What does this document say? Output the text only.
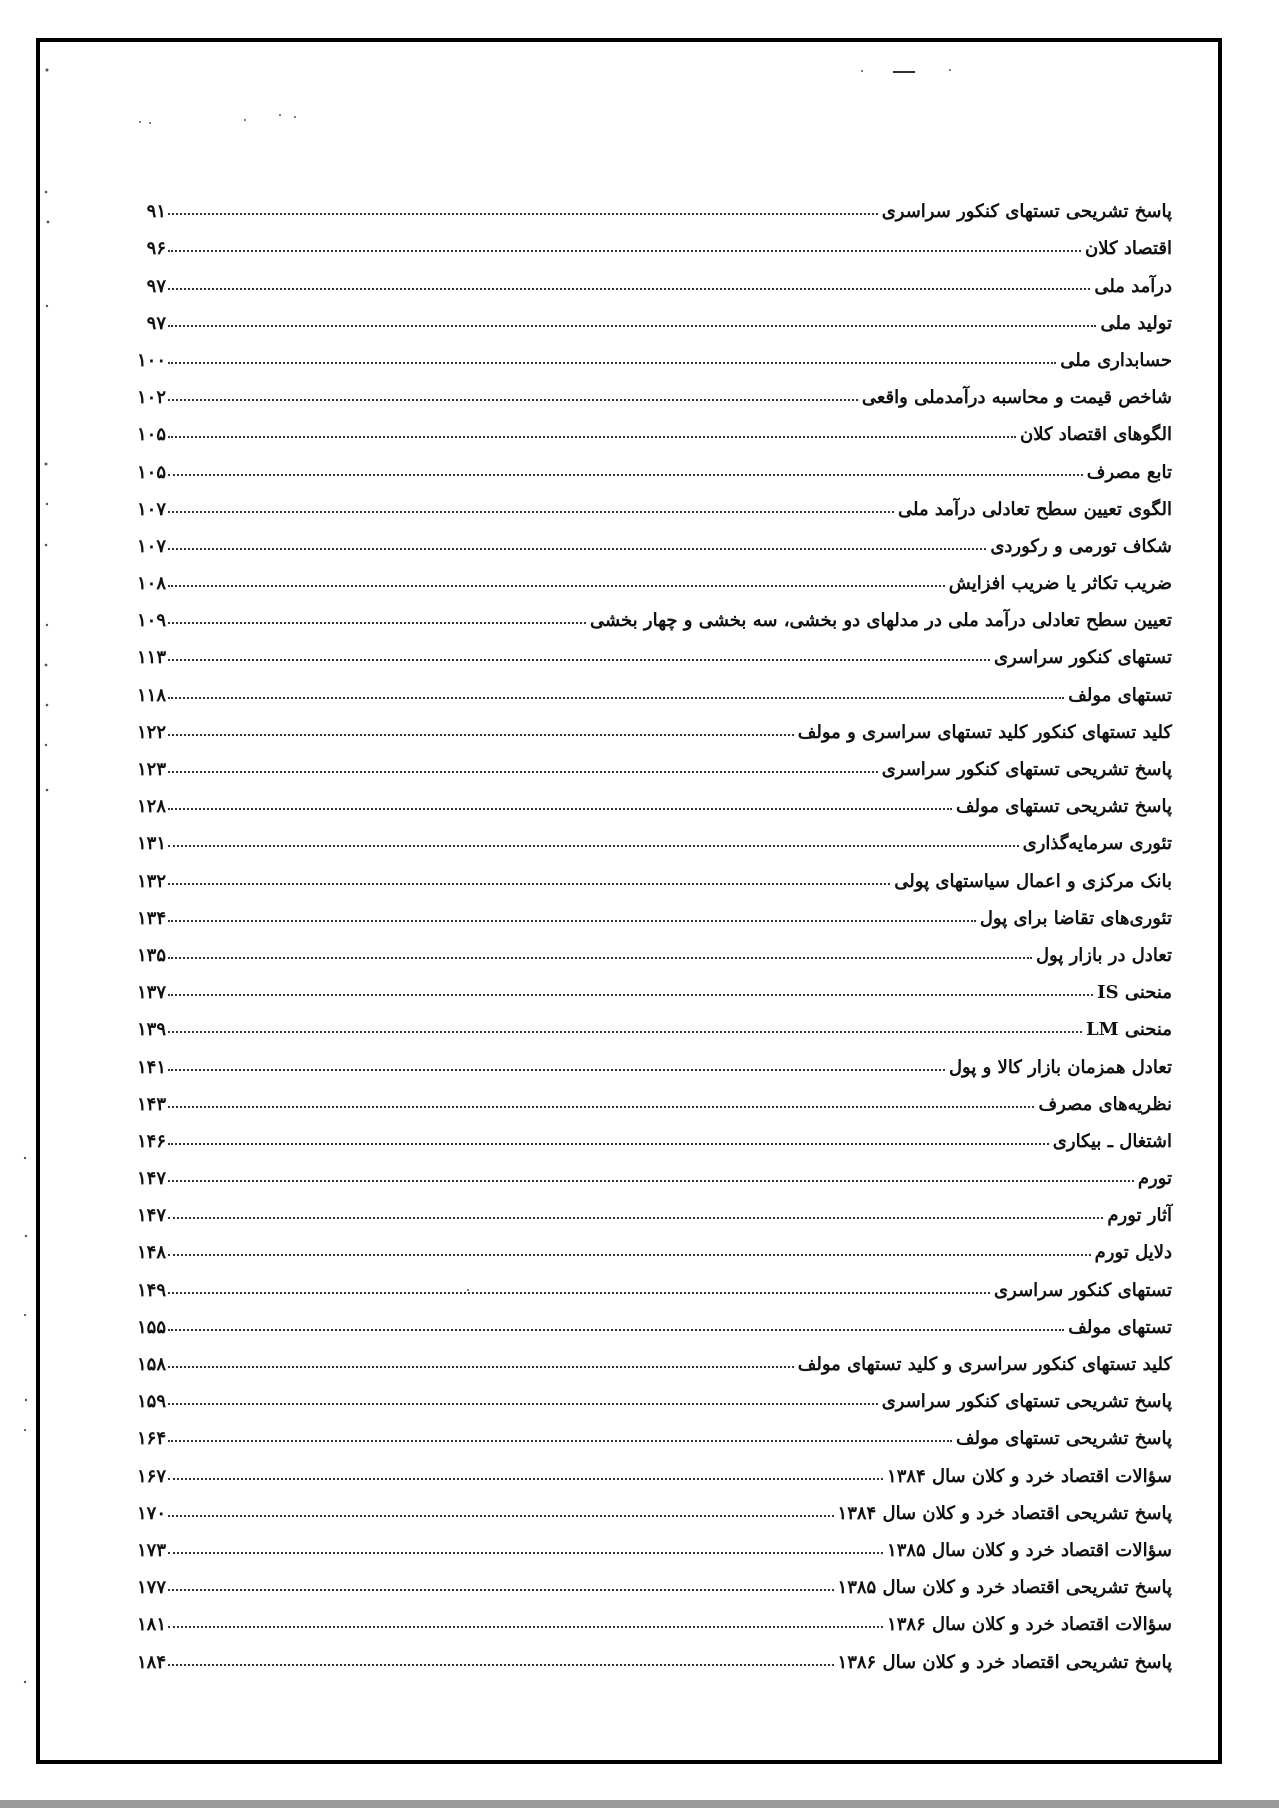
پاسخ تشریحی تستهای کنکور سراسری
۹۱
اقتصاد کلان
۹۶
درآمد ملی
۹۷
تولید ملی
۹۷
حسابداری ملی
۱۰۰
شاخص قیمت و محاسبه درآمدملی واقعی
۱۰۲
الگوهای اقتصاد کلان
۱۰۵
تابع مصرف
۱۰۵
الگوی تعیین سطح تعادلی درآمد ملی
۱۰۷
شکاف تورمی و رکوردی
۱۰۷
ضریب تکاثر یا ضریب افزایش
۱۰۸
تعیین سطح تعادلی درآمد ملی در مدلهای دو بخشی، سه بخشی و چهار بخشی
۱۰۹
تستهای کنکور سراسری
۱۱۳
تستهای مولف
۱۱۸
کلید تستهای کنکور کلید تستهای سراسری و مولف
۱۲۲
پاسخ تشریحی تستهای کنکور سراسری
۱۲۳
پاسخ تشریحی تستهای مولف
۱۲۸
تئوری سرمایه‌گذاری
۱۳۱
بانک مرکزی و اعمال سیاستهای پولی
۱۳۲
تئوری‌های تقاضا برای پول
۱۳۴
تعادل در بازار پول
۱۳۵
منحنی IS
۱۳۷
منحنی LM
۱۳۹
تعادل همزمان بازار کالا و پول
۱۴۱
نظریه‌های مصرف
۱۴۳
اشتغال ـ بیکاری
۱۴۶
تورم
۱۴۷
آثار تورم
۱۴۷
دلایل تورم
۱۴۸
تستهای کنکور سراسری
۱۴۹
تستهای مولف
۱۵۵
کلید تستهای کنکور سراسری و کلید تستهای مولف
۱۵۸
پاسخ تشریحی تستهای کنکور سراسری
۱۵۹
پاسخ تشریحی تستهای مولف
۱۶۴
سؤالات اقتصاد خرد و کلان سال ۱۳۸۴
۱۶۷
پاسخ تشریحی اقتصاد خرد و کلان سال ۱۳۸۴
۱۷۰
سؤالات اقتصاد خرد و کلان سال ۱۳۸۵
۱۷۳
پاسخ تشریحی اقتصاد خرد و کلان سال ۱۳۸۵
۱۷۷
سؤالات اقتصاد خرد و کلان سال ۱۳۸۶
۱۸۱
پاسخ تشریحی اقتصاد خرد و کلان سال ۱۳۸۶
۱۸۴
